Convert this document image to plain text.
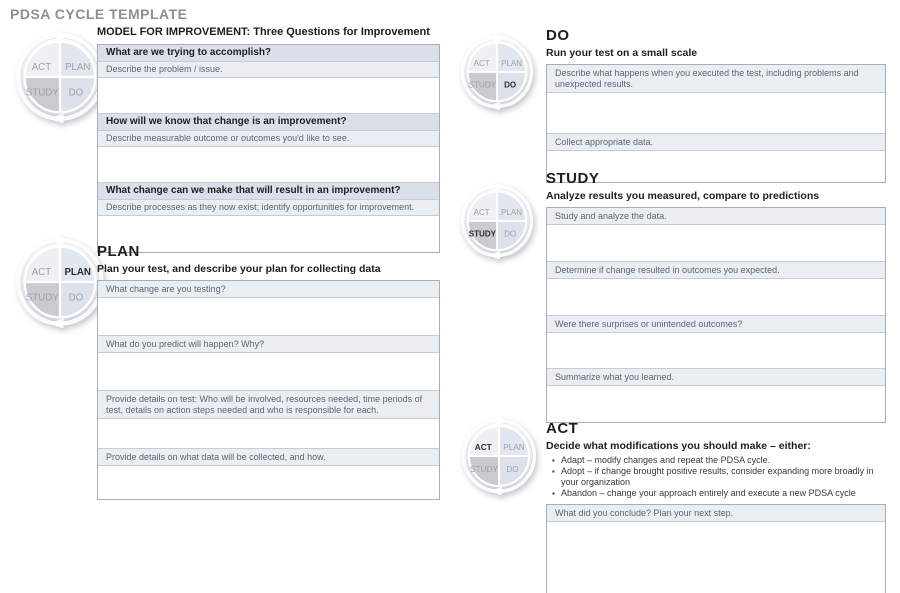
PDSA CYCLE TEMPLATE
ACT PLAN
STUDY DO
ACT PLAN
STUDY DO
ACT PLAN
STUDY DO
ACT PLAN
STUDY DO
ACT PLAN
STUDY DO
MODEL FOR IMPROVEMENT: Three Questions for Improvement
What are we trying to accomplish?
Describe the problem / issue.
How will we know that change is an improvement?
Describe measurable outcome or outcomes you'd like to see.
What change can we make that will result in an improvement?
Describe processes as they now exist; identify opportunities for improvement.
PLAN
Plan your test, and describe your plan for collecting data
What change are you testing?
What do you predict will happen? Why?
Provide details on test: Who will be involved, resources needed, time periods of test, details on action steps needed and who is responsible for each.
Provide details on what data will be collected, and how.
DO
Run your test on a small scale
Describe what happens when you executed the test, including problems and unexpected results.
Collect appropriate data.
STUDY
Analyze results you measured, compare to predictions
Study and analyze the data.
Determine if change resulted in outcomes you expected.
Were there surprises or unintended outcomes?
Summarize what you learned.
ACT
Decide what modifications you should make – either:
▪ Adapt – modify changes and repeat the PDSA cycle.
▪ Adopt – if change brought positive results, consider expanding more broadly in your organization
▪ Abandon – change your approach entirely and execute a new PDSA cycle
What did you conclude? Plan your next step.
